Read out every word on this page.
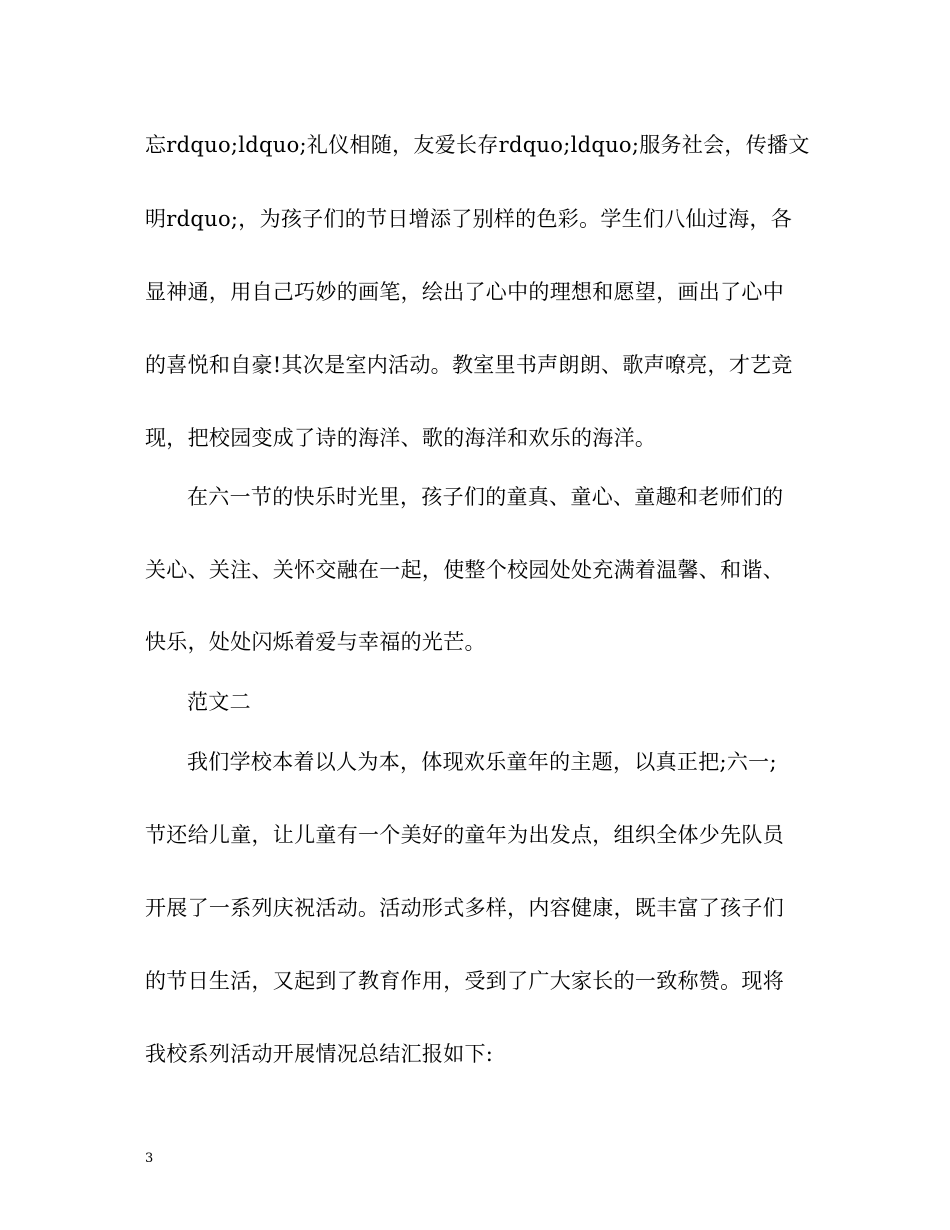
忘rdquo;ldquo;礼仪相随，友爱长存rdquo;ldquo;服务社会，传播文
明rdquo;，为孩子们的节日增添了别样的色彩。学生们八仙过海，各
显神通，用自己巧妙的画笔，绘出了心中的理想和愿望，画出了心中
的喜悦和自豪!其次是室内活动。教室里书声朗朗、歌声嘹亮，才艺竞
现，把校园变成了诗的海洋、歌的海洋和欢乐的海洋。
在六一节的快乐时光里，孩子们的童真、童心、童趣和老师们的
关心、关注、关怀交融在一起，使整个校园处处充满着温馨、和谐、
快乐，处处闪烁着爱与幸福的光芒。
范文二
我们学校本着以人为本，体现欢乐童年的主题，以真正把;六一;
节还给儿童，让儿童有一个美好的童年为出发点，组织全体少先队员
开展了一系列庆祝活动。活动形式多样，内容健康，既丰富了孩子们
的节日生活，又起到了教育作用，受到了广大家长的一致称赞。现将
我校系列活动开展情况总结汇报如下:
3
